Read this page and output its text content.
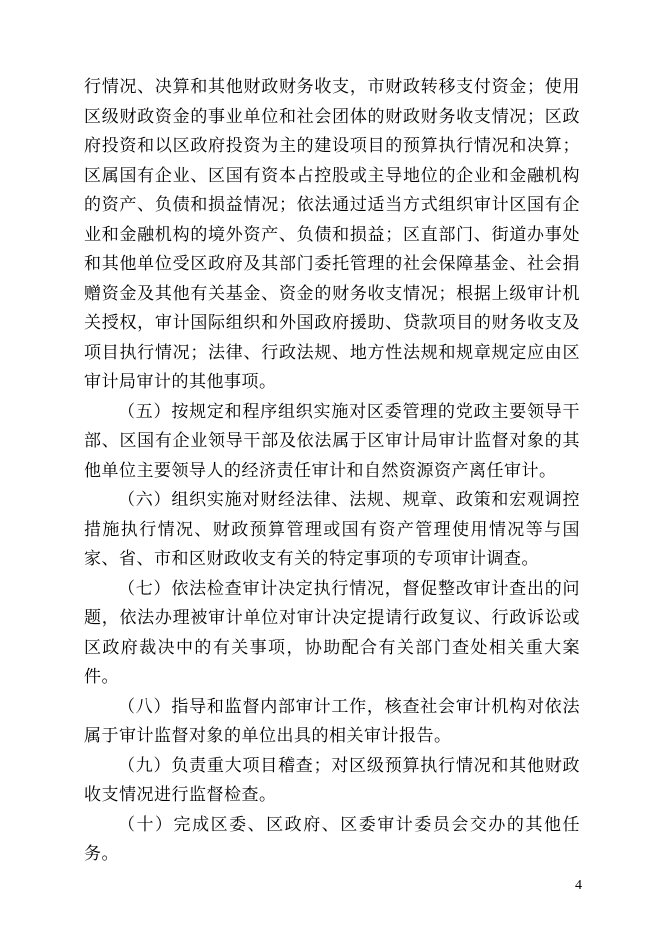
行情况、决算和其他财政财务收支，市财政转移支付资金；使用区级财政资金的事业单位和社会团体的财政财务收支情况；区政府投资和以区政府投资为主的建设项目的预算执行情况和决算；区属国有企业、区国有资本占控股或主导地位的企业和金融机构的资产、负债和损益情况；依法通过适当方式组织审计区国有企业和金融机构的境外资产、负债和损益；区直部门、街道办事处和其他单位受区政府及其部门委托管理的社会保障基金、社会捐赠资金及其他有关基金、资金的财务收支情况；根据上级审计机关授权，审计国际组织和外国政府援助、贷款项目的财务收支及项目执行情况；法律、行政法规、地方性法规和规章规定应由区审计局审计的其他事项。

（五）按规定和程序组织实施对区委管理的党政主要领导干部、区国有企业领导干部及依法属于区审计局审计监督对象的其他单位主要领导人的经济责任审计和自然资源资产离任审计。

（六）组织实施对财经法律、法规、规章、政策和宏观调控措施执行情况、财政预算管理或国有资产管理使用情况等与国家、省、市和区财政收支有关的特定事项的专项审计调查。

（七）依法检查审计决定执行情况，督促整改审计查出的问题，依法办理被审计单位对审计决定提请行政复议、行政诉讼或区政府裁决中的有关事项，协助配合有关部门查处相关重大案件。

（八）指导和监督内部审计工作，核查社会审计机构对依法属于审计监督对象的单位出具的相关审计报告。

（九）负责重大项目稽查；对区级预算执行情况和其他财政收支情况进行监督检查。

（十）完成区委、区政府、区委审计委员会交办的其他任务。

4
